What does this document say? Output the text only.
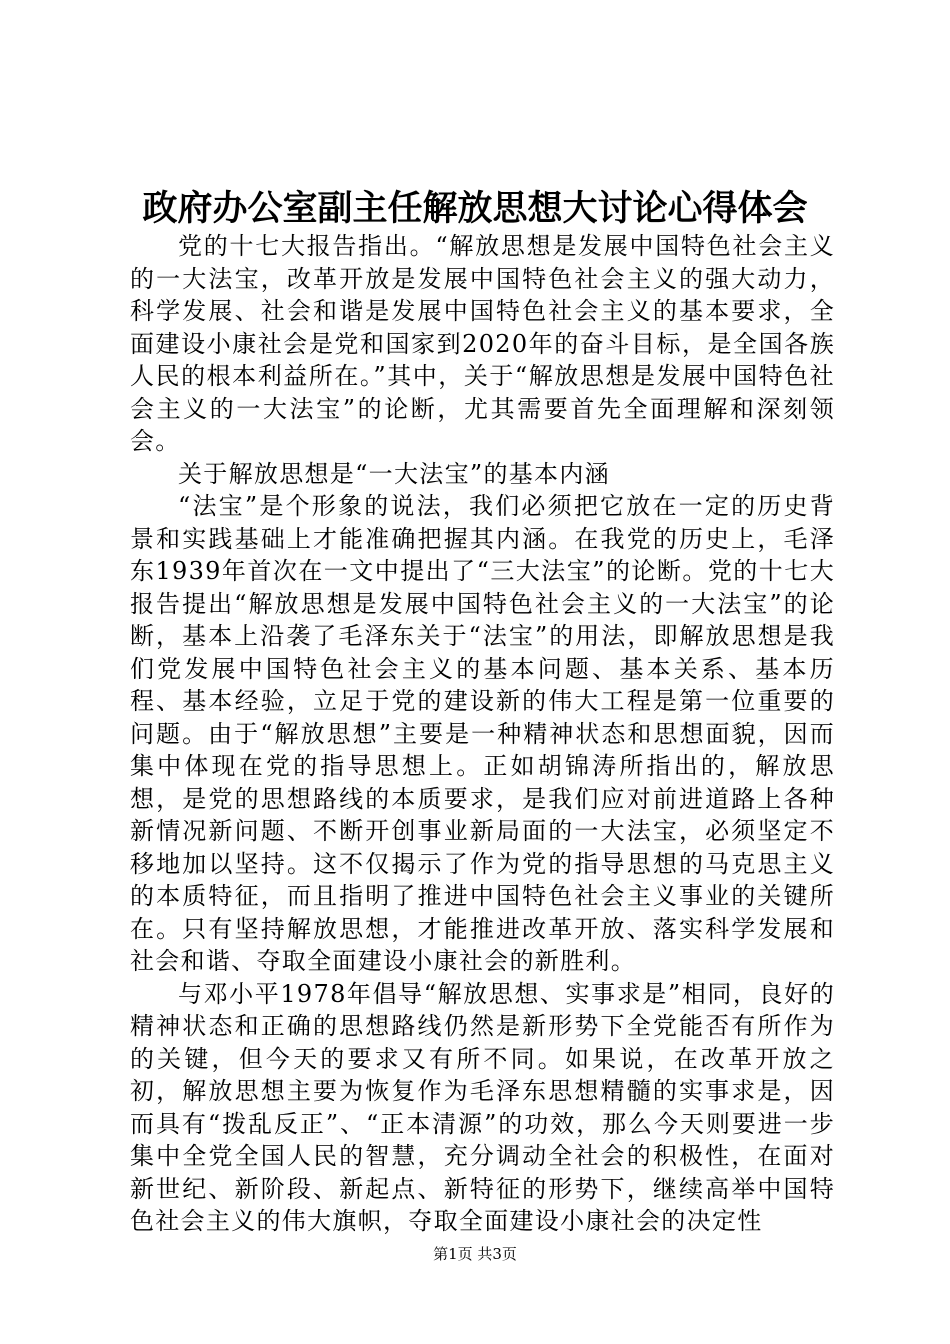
政府办公室副主任解放思想大讨论心得体会

党的十七大报告指出。“解放思想是发展中国特色社会主义的一大法宝，改革开放是发展中国特色社会主义的强大动力，科学发展、社会和谐是发展中国特色社会主义的基本要求，全面建设小康社会是党和国家到2020年的奋斗目标，是全国各族人民的根本利益所在。”其中，关于“解放思想是发展中国特色社会主义的一大法宝”的论断，尤其需要首先全面理解和深刻领会。

关于解放思想是“一大法宝”的基本内涵

“法宝”是个形象的说法，我们必须把它放在一定的历史背景和实践基础上才能准确把握其内涵。在我党的历史上，毛泽东1939年首次在一文中提出了“三大法宝”的论断。党的十七大报告提出“解放思想是发展中国特色社会主义的一大法宝”的论断，基本上沿袭了毛泽东关于“法宝”的用法，即解放思想是我们党发展中国特色社会主义的基本问题、基本关系、基本历程、基本经验，立足于党的建设新的伟大工程是第一位重要的问题。由于“解放思想”主要是一种精神状态和思想面貌，因而集中体现在党的指导思想上。正如胡锦涛所指出的，解放思想，是党的思想路线的本质要求，是我们应对前进道路上各种新情况新问题、不断开创事业新局面的一大法宝，必须坚定不移地加以坚持。这不仅揭示了作为党的指导思想的马克思主义的本质特征，而且指明了推进中国特色社会主义事业的关键所在。只有坚持解放思想，才能推进改革开放、落实科学发展和社会和谐、夺取全面建设小康社会的新胜利。

与邓小平1978年倡导“解放思想、实事求是”相同，良好的精神状态和正确的思想路线仍然是新形势下全党能否有所作为的关键，但今天的要求又有所不同。如果说，在改革开放之初，解放思想主要为恢复作为毛泽东思想精髓的实事求是，因而具有“拨乱反正”、“正本清源”的功效，那么今天则要进一步集中全党全国人民的智慧，充分调动全社会的积极性，在面对新世纪、新阶段、新起点、新特征的形势下，继续高举中国特色社会主义的伟大旗帜，夺取全面建设小康社会的决定性

第1页 共3页
